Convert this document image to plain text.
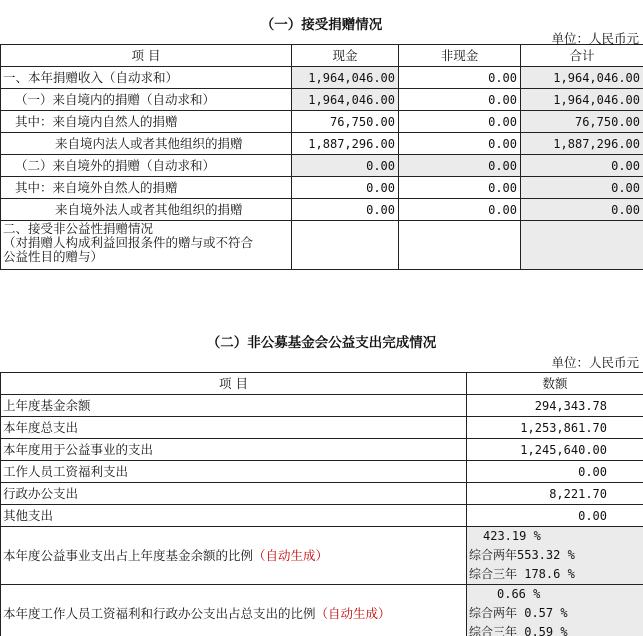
（一）接受捐赠情况
单位：人民币元
项 目	现金	非现金	合计
一、本年捐赠收入（自动求和）	1,964,046.00	0.00	1,964,046.00
（一）来自境内的捐赠（自动求和）	1,964,046.00	0.00	1,964,046.00
其中：来自境内自然人的捐赠	76,750.00	0.00	76,750.00
来自境内法人或者其他组织的捐赠	1,887,296.00	0.00	1,887,296.00
（二）来自境外的捐赠（自动求和）	0.00	0.00	0.00
其中：来自境外自然人的捐赠	0.00	0.00	0.00
来自境外法人或者其他组织的捐赠	0.00	0.00	0.00

二、接受非公益性捐赠情况
（对捐赠人构成利益回报条件的赠与或不符合
公益性目的赠与）			

（二）非公募基金会公益支出完成情况
单位：人民币元
项 目	数额
上年度基金余额	294,343.78
本年度总支出	1,253,861.70
本年度用于公益事业的支出	1,245,640.00
工作人员工资福利支出	0.00
行政办公支出	8,221.70
其他支出	0.00
本年度公益事业支出占上年度基金余额的比例（自动生成）	423.19 %
综合两年553.32 %
综合三年 178.6 %

本年度工作人员工资福利和行政办公支出占总支出的比例（自动生成）	0.66 %
综合两年 0.57 %
综合三年 0.59 %
